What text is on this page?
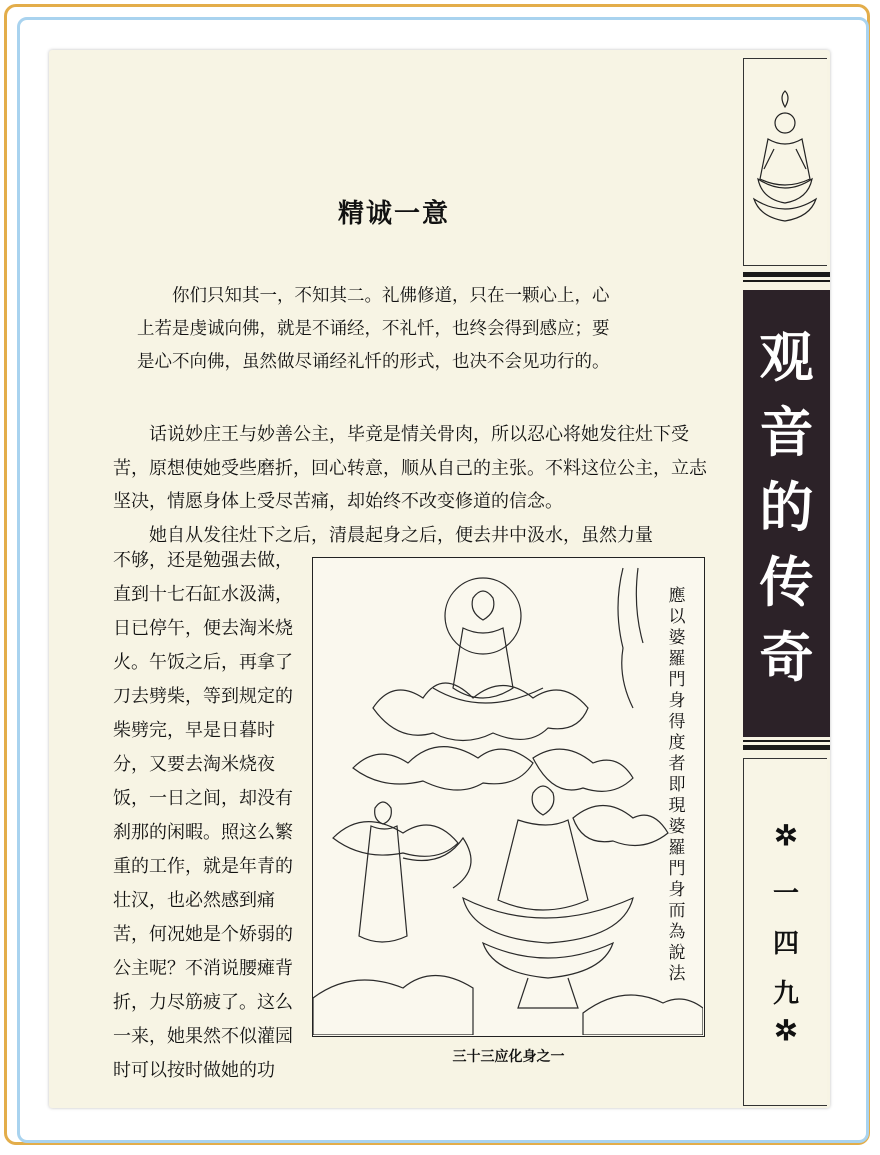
精诚一意

你们只知其一，不知其二。礼佛修道，只在一颗心上，心

上若是虔诚向佛，就是不诵经，不礼忏，也终会得到感应；要

是心不向佛，虽然做尽诵经礼忏的形式，也决不会见功行的。

话说妙庄王与妙善公主，毕竟是情关骨肉，所以忍心将她发往灶下受苦，原想使她受些磨折，回心转意，顺从自己的主张。不料这位公主，立志坚决，情愿身体上受尽苦痛，却始终不改变修道的信念。

她自从发往灶下之后，清晨起身之后，便去井中汲水，虽然力量

不够，还是勉强去做，
直到十七石缸水汲满，
日已停午，便去淘米烧
火。午饭之后，再拿了
刀去劈柴，等到规定的
柴劈完，早是日暮时
分，又要去淘米烧夜
饭，一日之间，却没有
刹那的闲暇。照这么繁
重的工作，就是年青的
壮汉，也必然感到痛
苦，何况她是个娇弱的
公主呢？不消说腰瘫背
折，力尽筋疲了。这么
一来，她果然不似灌园
时可以按时做她的功
應以婆羅門身得度者即現婆羅門身而為說法
三十三应化身之一
观音的传奇
✲
一四九
✲
